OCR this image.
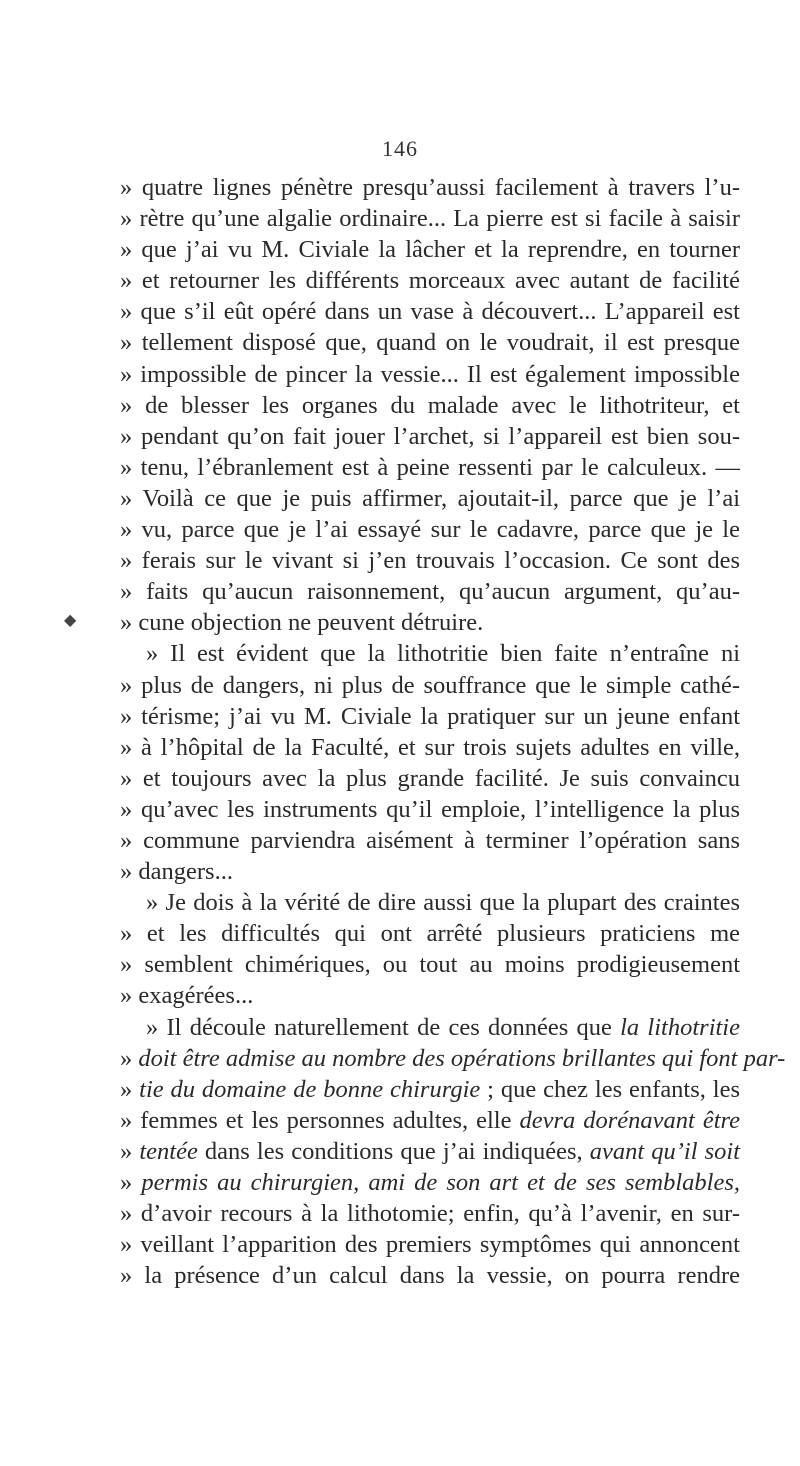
146
◆
» quatre lignes pénètre presqu’aussi facilement à travers l’u-
» rètre qu’une algalie ordinaire... La pierre est si facile à saisir
» que j’ai vu M. Civiale la lâcher et la reprendre, en tourner
» et retourner les différents morceaux avec autant de facilité
» que s’il eût opéré dans un vase à découvert... L’appareil est
» tellement disposé que, quand on le voudrait, il est presque
» impossible de pincer la vessie... Il est également impossible
» de blesser les organes du malade avec le lithotriteur, et
» pendant qu’on fait jouer l’archet, si l’appareil est bien sou-
» tenu, l’ébranlement est à peine ressenti par le calculeux. —
» Voilà ce que je puis affirmer, ajoutait-il, parce que je l’ai
» vu, parce que je l’ai essayé sur le cadavre, parce que je le
» ferais sur le vivant si j’en trouvais l’occasion. Ce sont des
» faits qu’aucun raisonnement, qu’aucun argument, qu’au-
» cune objection ne peuvent détruire.
» Il est évident que la lithotritie bien faite n’entraîne ni
» plus de dangers, ni plus de souffrance que le simple cathé-
» térisme; j’ai vu M. Civiale la pratiquer sur un jeune enfant
» à l’hôpital de la Faculté, et sur trois sujets adultes en ville,
» et toujours avec la plus grande facilité. Je suis convaincu
» qu’avec les instruments qu’il emploie, l’intelligence la plus
» commune parviendra aisément à terminer l’opération sans
» dangers...
» Je dois à la vérité de dire aussi que la plupart des craintes
» et les difficultés qui ont arrêté plusieurs praticiens me
» semblent chimériques, ou tout au moins prodigieusement
» exagérées...
» Il découle naturellement de ces données que la lithotritie
» doit être admise au nombre des opérations brillantes qui font par-
» tie du domaine de bonne chirurgie ; que chez les enfants, les
» femmes et les personnes adultes, elle devra dorénavant être
» tentée dans les conditions que j’ai indiquées, avant qu’il soit
» permis au chirurgien, ami de son art et de ses semblables,
» d’avoir recours à la lithotomie; enfin, qu’à l’avenir, en sur-
» veillant l’apparition des premiers symptômes qui annoncent
» la présence d’un calcul dans la vessie, on pourra rendre
